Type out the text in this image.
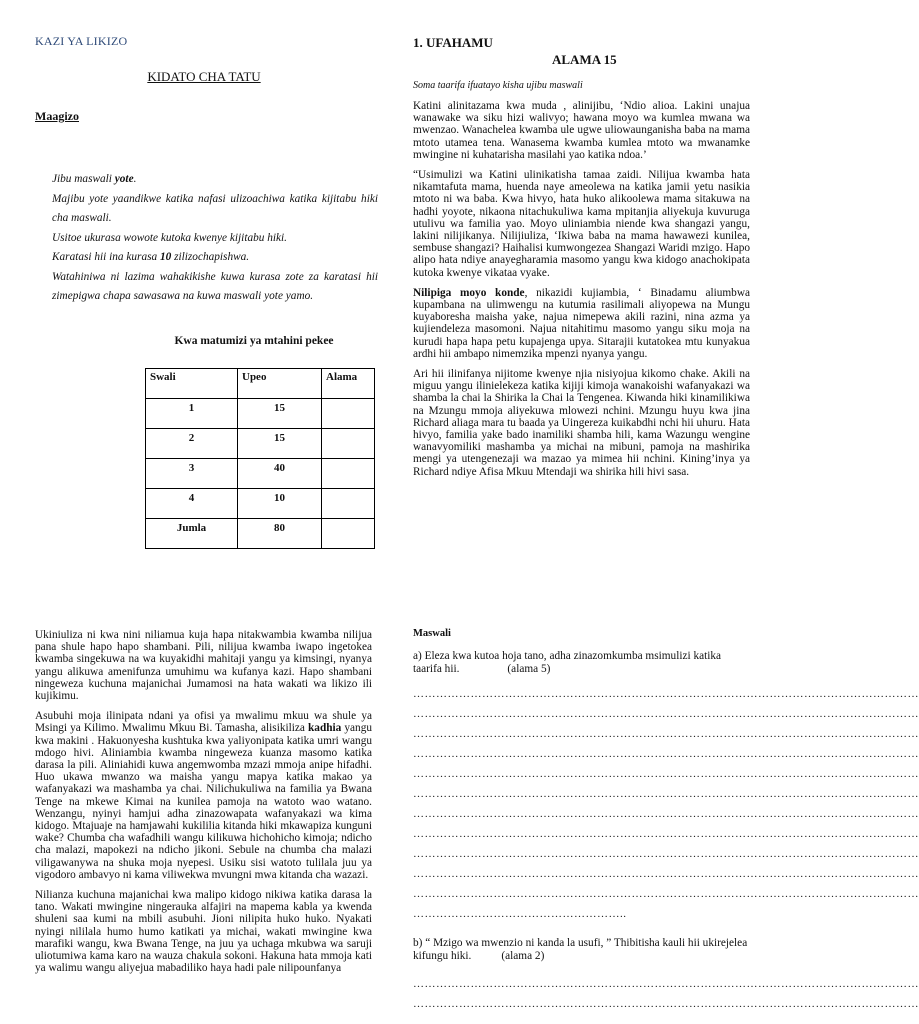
KAZI YA LIKIZO
KIDATO CHA TATU
Maagizo
Jibu maswali yote.
Majibu yote yaandikwe katika nafasi ulizoachiwa katika kijitabu hiki cha maswali.
Usitoe ukurasa wowote kutoka kwenye kijitabu hiki.
Karatasi hii ina kurasa 10 zilizochapishwa.
Watahiniwa ni lazima wahakikishe kuwa kurasa zote za karatasi hii zimepigwa chapa sawasawa na kuwa maswali yote yamo.
Kwa matumizi ya mtahini pekee
Swali	Upeo	Alama

1	15	

2	15	

3	40	

4	10	

Jumla	80	

1. UFAHAMU
ALAMA 15
Soma taarifa ifuatayo kisha ujibu maswali

Katini alinitazama kwa muda , alinijibu, ‘Ndio alioa. Lakini unajua wanawake wa siku hizi walivyo; hawana moyo wa kumlea mwana wa mwenzao. Wanachelea kwamba ule ugwe uliowaunganisha baba na mama mtoto utamea tena. Wanasema kwamba kumlea mtoto wa mwanamke mwingine ni kuhatarisha masilahi yao katika ndoa.’

“Usimulizi wa Katini ulinikatisha tamaa zaidi. Nilijua kwamba hata nikamtafuta mama, huenda naye ameolewa na katika jamii yetu nasikia mtoto ni wa baba. Kwa hivyo, hata huko alikoolewa mama sitakuwa na hadhi yoyote, nikaona nitachukuliwa kama mpitanjia aliyekuja kuvuruga utulivu wa familia yao. Moyo uliniambia niende kwa shangazi yangu, lakini nilijikanya. Nilijiuliza, ‘Ikiwa baba na mama hawawezi kunilea, sembuse shangazi? Haihalisi kumwongezea Shangazi Waridi mzigo. Hapo alipo hata ndiye anayegharamia masomo yangu kwa kidogo anachokipata kutoka kwenye vikataa vyake.

Nilipiga moyo konde, nikazidi kujiambia, ‘ Binadamu aliumbwa kupambana na ulimwengu na kutumia rasilimali aliyopewa na Mungu kuyaboresha maisha yake, najua nimepewa akili razini, nina azma ya kujiendeleza masomoni. Najua nitahitimu masomo yangu siku moja na kurudi hapa hapa petu kupajenga upya. Sitarajii kutatokea mtu kunyakua ardhi hii ambapo nimemzika mpenzi nyanya yangu.

Ari hii ilinifanya nijitome kwenye njia nisiyojua kikomo chake. Akili na miguu yangu ilinielekeza katika kijiji kimoja wanakoishi wafanyakazi wa shamba la chai la Shirika la Chai la Tengenea. Kiwanda hiki kinamilikiwa na Mzungu mmoja aliyekuwa mlowezi nchini. Mzungu huyu kwa jina Richard aliaga mara tu baada ya Uingereza kuikabdhi nchi hii uhuru. Hata hivyo, familia yake bado inamiliki shamba hili, kama Wazungu wengine wanavyomiliki mashamba ya michai na mibuni, pamoja na mashirika mengi ya utengenezaji wa mazao ya mimea hii nchini. Kining’inya ya Richard ndiye Afisa Mkuu Mtendaji wa shirika hili hivi sasa.

Ukiniuliza ni kwa nini niliamua kuja hapa nitakwambia kwamba nilijua pana shule hapo hapo shambani. Pili, nilijua kwamba iwapo ingetokea kwamba singekuwa na wa kuyakidhi mahitaji yangu ya kimsingi, nyanya yangu alikuwa amenifunza umuhimu wa kufanya kazi. Hapo shambani ningeweza kuchuna majanichai Jumamosi na hata wakati wa likizo ili kujikimu.

Asubuhi moja ilinipata ndani ya ofisi ya mwalimu mkuu wa shule ya Msingi ya Kilimo. Mwalimu Mkuu Bi. Tamasha, alisikiliza kadhia yangu kwa makini . Hakuonyesha kushtuka kwa yaliyonipata katika umri wangu mdogo hivi. Aliniambia kwamba ningeweza kuanza masomo katika darasa la pili. Aliniahidi kuwa angemwomba mzazi mmoja anipe hifadhi. Huo ukawa mwanzo wa maisha yangu mapya katika makao ya wafanyakazi wa mashamba ya chai. Nilichukuliwa na familia ya Bwana Tenge na mkewe Kimai na kunilea pamoja na watoto wao watano. Wenzangu, nyinyi hamjui adha zinazowapata wafanyakazi wa kima kidogo. Mtajuaje na hamjawahi kukililia kitanda hiki mkawapiza kunguni wake? Chumba cha wafadhili wangu kilikuwa hichohicho kimoja; ndicho cha malazi, mapokezi na ndicho jikoni. Sebule na chumba cha malazi viligawanywa na shuka moja nyepesi. Usiku sisi watoto tulilala juu ya vigodoro ambavyo ni kama viliwekwa mvungni mwa kitanda cha wazazi.

Nilianza kuchuna majanichai kwa malipo kidogo nikiwa katika darasa la tano. Wakati mwingine ningerauka alfajiri na mapema kabla ya kwenda shuleni saa kumi na mbili asubuhi. Jioni nilipita huko huko. Nyakati nyingi nililala humo humo katikati ya michai, wakati mwingine kwa marafiki wangu, kwa Bwana Tenge, na juu ya uchaga mkubwa wa saruji uliotumiwa kama karo na wauza chakula sokoni. Hakuna hata mmoja kati ya walimu wangu aliyejua mabadiliko haya hadi pale nilipounfanya

Maswali
a) Eleza kwa kutoa hoja tano, adha zinazomkumba msimulizi katika taarifa hii.	(alama 5)
……………………………………………………………………………………………………………………
……………………………………………………………………………………………………………………
……………………………………………………………………………………………………………………
……………………………………………………………………………………………………………………
……………………………………………………………………………………………………………………
……………………………………………………………………………………………………………………
……………………………………………………………………………………………………………………
……………………………………………………………………………………………………………………
……………………………………………………………………………………………………………………
……………………………………………………………………………………………………………………
……………………………………………………………………………………………………………………
………………………………………………..
b) “ Mzigo wa mwenzio ni kanda la usufi, ” Thibitisha kauli hii ukirejelea kifungu hiki.	(alama 2)
……………………………………………………………………………………………………………………
……………………………………………………………………………………………………………………
